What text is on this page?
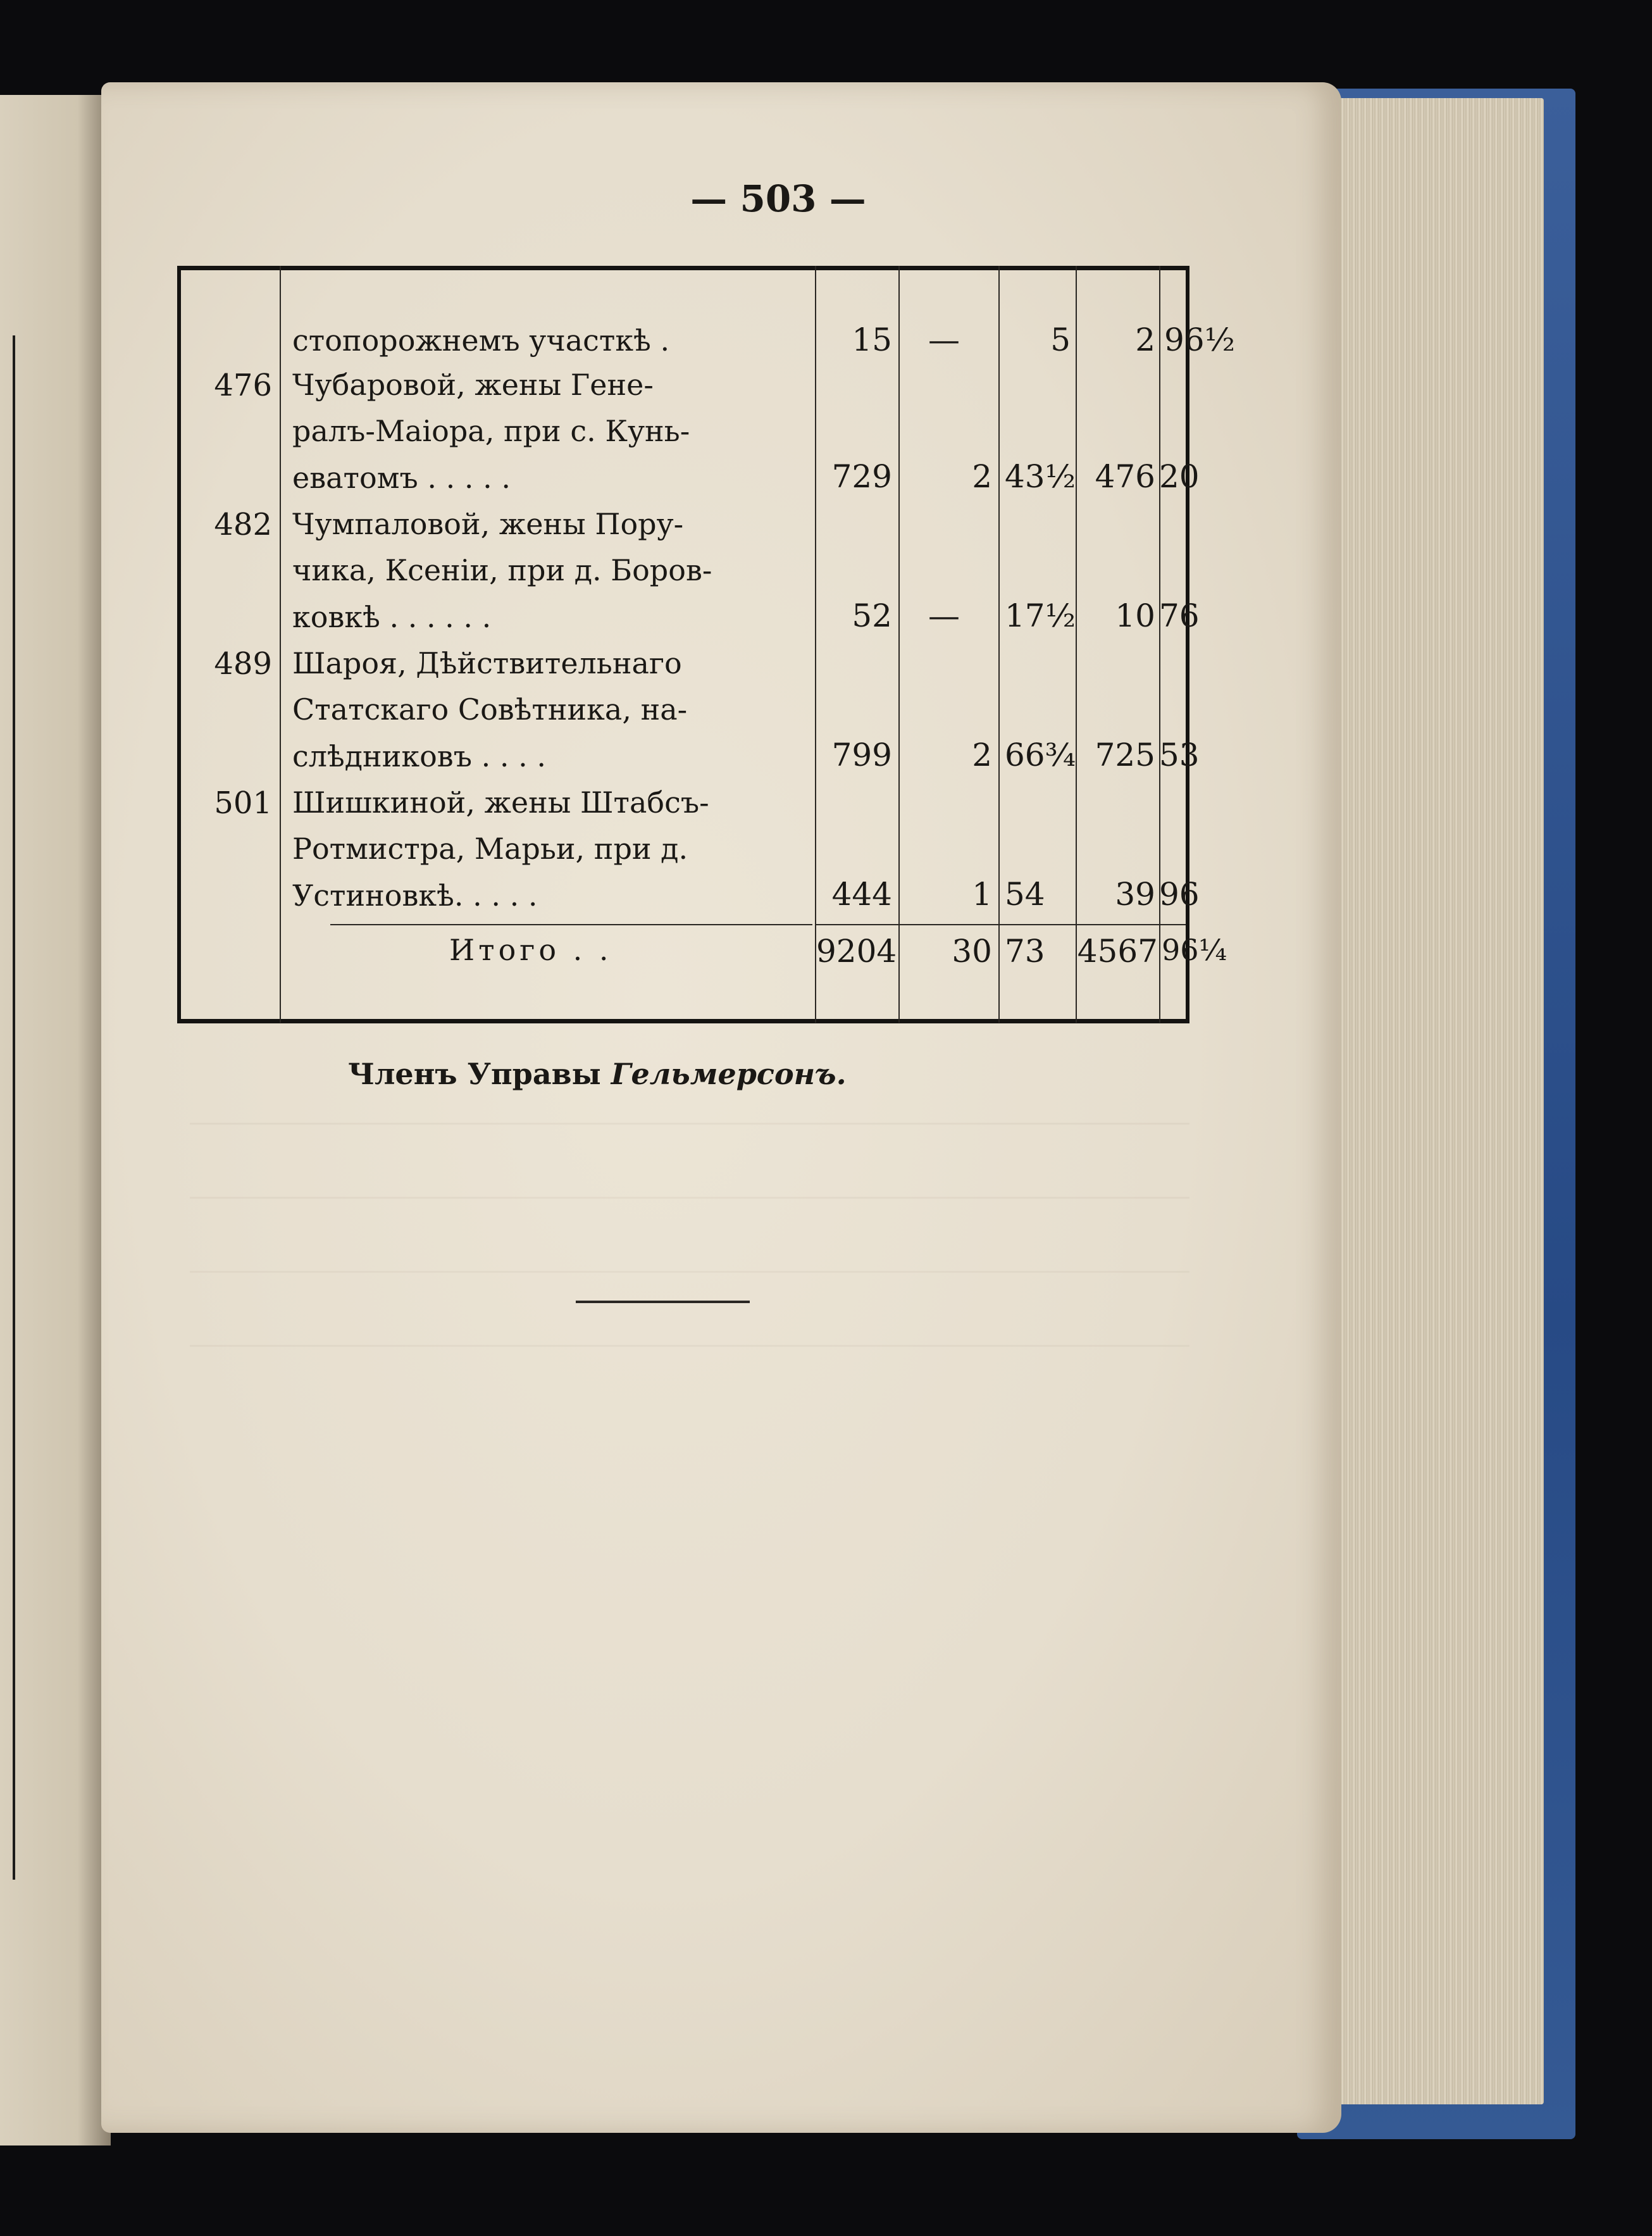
— 503 —
стопорожнемъ участкѣ .	15	—	5	2 96½
476 Чубаровой, жены Гене-
ралъ-Маіора, при с. Кунь-
еватомъ . . . . .	729	2 43½ 476 20
482 Чумпаловой, жены Пору-
чика, Ксеніи, при д. Боров-
ковкѣ . . . . . .	52	—	17½	10 76
489 Шароя, Дѣйствительнаго
Статскаго Совѣтника, на-
слѣдниковъ . . . .	799	2 66¾ 725 53
501 Шишкиной, жены Штабсъ-
Ротмистра, Марьи, при д.
Устиновкѣ. . . . .	444	1 54	39 96
Итого . .	9204	30 73 4567 96¼
Членъ Управы Гельмерсонъ.
